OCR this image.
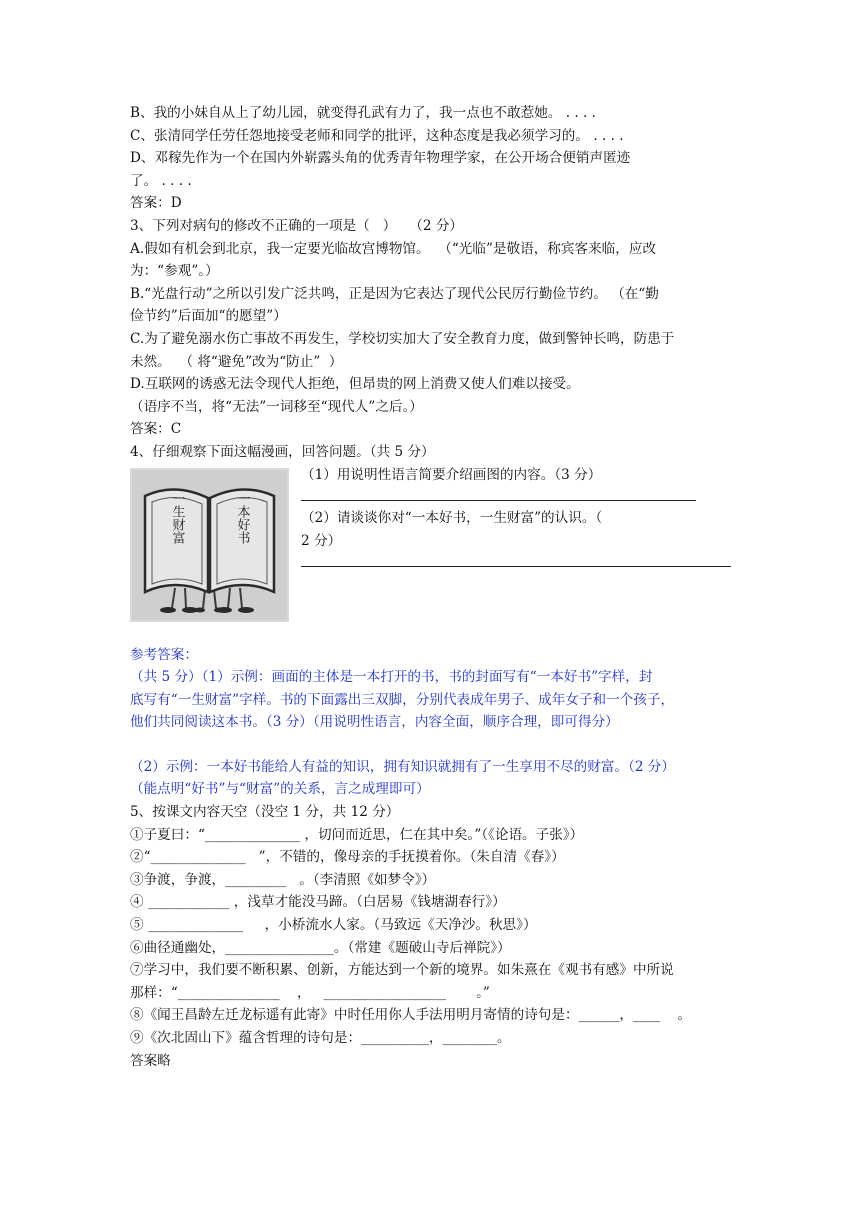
B、我的小妹自从上了幼儿园，就变得孔武有力了，我一点也不敢惹她。 . . . .

C、张清同学任劳任怨地接受老师和同学的批评，这种态度是我必须学习的。 . . . .

D、邓稼先作为一个在国内外崭露头角的优秀青年物理学家，在公开场合便销声匿迹

了。 . . . .

答案：D

3、下列对病句的修改不正确的一项是（   ）   （2 分）

A.假如有机会到北京，我一定要光临故宫博物馆。  （“光临”是敬语，称宾客来临，应改

为：“参观”。）

B.“光盘行动”之所以引发广泛共鸣，正是因为它表达了现代公民厉行勤俭节约。 （在“勤

俭节约”后面加“的愿望”）

C.为了避免溺水伤亡事故不再发生，学校切实加大了安全教育力度，做到警钟长鸣，防患于

未然。  （ 将“避免”改为“防止”  ）

D.互联网的诱惑无法令现代人拒绝，但昂贵的网上消费又使人们难以接受。

（语序不当，将“无法”一词移至“现代人”之后。）

答案：C

4、仔细观察下面这幅漫画，回答问题。（共 5 分）

一生财富	一本好书

（1）用说明性语言简要介绍画图的内容。（3 分）

（2）请谈谈你对“一本好书，一生财富”的认识。（

2 分）

参考答案：

（共 5 分）（1）示例：画面的主体是一本打开的书，书的封面写有“一本好书”字样，封

底写有“一生财富”字样。书的下面露出三双脚，分别代表成年男子、成年女子和一个孩子，

他们共同阅读这本书。（3 分）（用说明性语言，内容全面，顺序合理，即可得分）

（2）示例：一本好书能给人有益的知识，拥有知识就拥有了一生享用不尽的财富。（2 分）

（能点明“好书”与“财富”的关系，言之成理即可）

5、按课文内容天空（没空 1 分，共 12 分）

①子夏曰：“______________ ，切问而近思，仁在其中矣。”（《论语。子张》）

②“______________   ”，不错的，像母亲的手抚摸着你。（朱自清《春》）

③争渡，争渡，_________   。（李清照《如梦令》）

④ ____________ ，浅草才能没马蹄。（白居易《钱塘湖春行》）

⑤ ______________     ，小桥流水人家。（马致远《天净沙。秋思》）

⑥曲径通幽处，________________。（常建《题破山寺后禅院》）

⑦学习中，我们要不断积累、创新，方能达到一个新的境界。如朱熹在《观书有感》中所说

那样：“_______________    ，   __________________       。”

⑧《闻王昌龄左迁龙标遥有此寄》中时任用你人手法用明月寄情的诗句是：______，____    。

⑨《次北固山下》蕴含哲理的诗句是：__________，________。

答案略
